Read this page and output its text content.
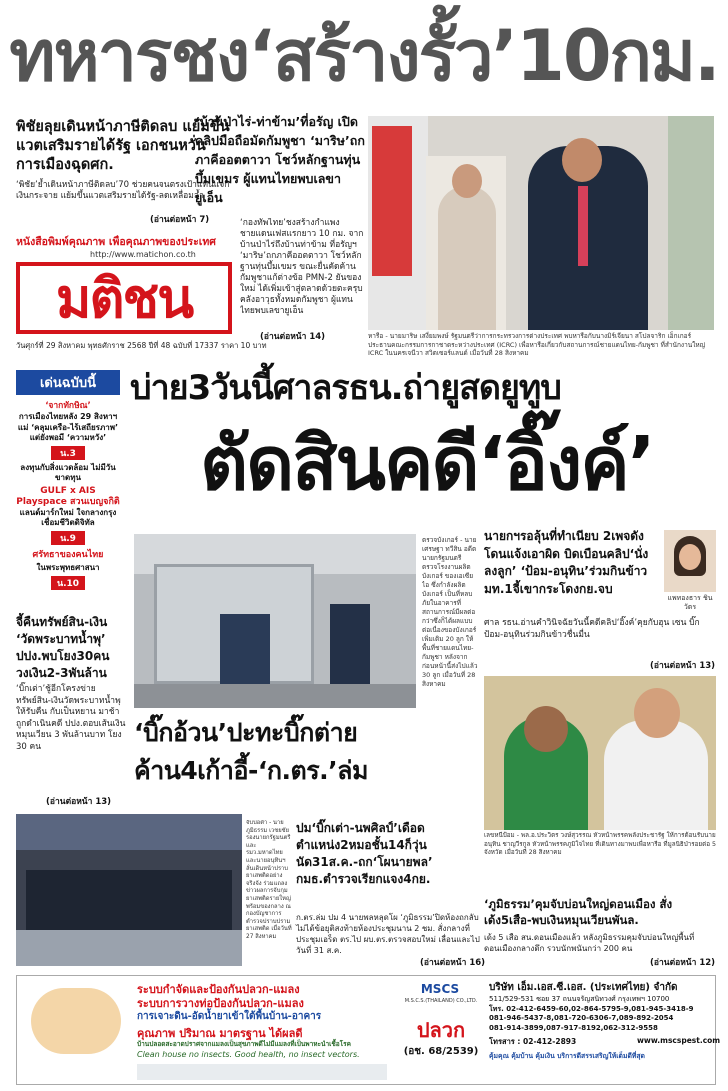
ทหารชง‘สร้างรั้ว’10กม.
พิชัยลุยเดินหน้าภาษีติดลบ แย้มขึ้นแวตเสริมรายได้รัฐ เอกชนหวั่นการเมืองฉุดศก.
‘พิชัย’ย้ำเดินหน้าภาษีติดลบ’70 ช่วยคนจนตรงเป้าแทนแจกเงินกระจาย แย้มขึ้นแวตเสริมรายได้รัฐ-ลดเหลื่อมล้ำ
(อ่านต่อหน้า 7)
หนังสือพิมพ์คุณภาพ เพื่อคุณภาพของประเทศ
http://www.matichon.co.th
มติชน
วันศุกร์ที่ 29 สิงหาคม พุทธศักราช 2568 ปีที่ 48 ฉบับที่ 17337 ราคา 10 บาท
‘บ้านป่าไร่-ท่าข้าม’ที่อรัญ เปิดคลิปมือถือมัดกัมพูชา ‘มาริษ’ถกภาคีออตตาวา โชว์หลักฐานทุ่นบึ้มเขมร ผู้แทนไทยพบเลขายูเอ็น
‘กองทัพไทย’ชงสร้างกำแพงชายแดนเฟสแรกยาว 10 กม. จากบ้านป่าไร่ถึงบ้านท่าข้าม ที่อรัญฯ ‘มาริษ’ถกภาคีออตตาวา โชว์หลักฐานทุ่นบึ้มเขมร ขณะยื่นคัดค้านกัมพูชาแก้ต่างข้อ PMN-2 ยันของใหม่ ได้เพิ่มเข้าสู่ตลาดด้วยตะครุบคลังอาวุธทั้งหมดกัมพูชา ผู้แทนไทยพบเลขายูเอ็น
(อ่านต่อหน้า 14)	หารือ - นายมาริษ เสงี่ยมพงษ์ รัฐมนตรีว่าการกระทรวงการต่างประเทศ พบหารือกับนางมิร์เจียนา สโปลจาริก เอ็กเกอร์ ประธานคณะกรรมการกาชาดระหว่างประเทศ (ICRC) เพื่อหารือเกี่ยวกับสถานการณ์ชายแดนไทย-กัมพูชา ที่สำนักงานใหญ่ ICRC ในนครเจนีวา สวิตเซอร์แลนด์ เมื่อวันที่ 28 สิงหาคม
เด่นฉบับนี้
‘จากทักษิณ’
การเมืองไทยหลัง 29 สิงหาฯ แม่ ‘คลุมเครือ-ไร้เสถียรภาพ’ แต่ยังพอมี ‘ความหวัง’
น.3
ลงทุนกับสิ่งแวดล้อม ไม่มีวันขาดทุน
GULF x AIS Playspace สวนเบญจกิติ
แลนด์มาร์กใหม่ ใจกลางกรุง เชื่อมชีวิตดิจิทัล
น.9
ศรัทธาของคนไทย
ในพระพุทธศาสนา
น.10
บ่าย3วันนี้ศาลรธน.ถ่ายูสดยูทูบ
ตัดสินคดี‘อิ๊งค์’
จี้คืนทรัพย์สิน-เงิน ‘วัดพระบาทน้ำพุ’ ปปง.พบโยง30คน วงเงิน2-3พันล้าน
‘บิ๊กเต่า’ชู้อีกโครงข่ายทรัพย์สิน-เงินวัดพระบาทน้ำพุ ให้รับคืน กับเป็นหยาน มาช้าถูกดำเนินคดี ปปง.ตอบเส้นเงินหมุนเวียน 3 พันล้านบาท โยง 30 คน
(อ่านต่อหน้า 13)
ตรวจบังเกอร์ - นายเศรษฐา ทวีสิน อดีตนายกรัฐมนตรี ตรวจโรงงานผลิตบังเกอร์ ของเอเซียไอ ซึ่งกำลังผลิตบังเกอร์ เป็นที่หลบภัยในอาคารที่สถานการณ์มีผลต่อกว่าซึ่งก็ได้ผลแบบต่อเนื่องของบังเกอร์เพิ่มเติม 20 ลูก ให้พื้นที่ชายแดนไทย-กัมพูชา หลังจากก่อนหน้านี้ส่งไปแล้ว 30 ลูก เมื่อวันที่ 28 สิงหาคม
นายกฯรอลุ้นที่ทำเนียบ 2เพจดังโดนแจ้งเอาผิด บิดเบือนคลิป‘นั่งลงลูก’ ‘ป้อม-อนุทิน’ร่วมกินข้าว มท.1จี้เขากระโดงกย.จบ
แพทองธาร ชินวัตร
ศาล รธน.อ่านคำวินิจฉัยวันนี้คดีคลิป‘อิ๊งค์’คุยกับฮุน เซน บิ๊กป้อม-อนุทินร่วมกินข้าวชื่นมื่น
(อ่านต่อหน้า 13)
‘บิ๊กอ้วน’ปะทะบิ๊กต่าย ค้าน4เก้าอี้-‘ก.ตร.’ล่ม
ปม‘บิ๊กเต่า-นพศิลป์’เดือด ตำแหน่ง2หมอชั้น14ก็วุ่น นัด31ส.ค.-ถก‘โผนายพล’ กมธ.ตำรวจเรียกแจง4กย.
ก.ตร.ล่ม ปม 4 นายพลหลุดโผ ‘ภูมิธรรม’ปิดห้องถกลับไม่ได้ข้อยุติสงท้ายห้องประชุมนาน 2 ชม. สั่งกลางที่ประชุมเอร็ด ตร.ไป ผบ.ตร.ตรวจสอบใหม่ เลื่อนและไปวันที่ 31 ส.ค.
(อ่านต่อหน้า 16)
จับบ่อต่ำ - นายภูมิธรรม เวชยชัย รองนายกรัฐมนตรี และ รมว.มหาดไทย และนายอนุทินฯ ลั่นเดินหน้าปราบยาเสพติดอย่างจริงจัง ร่วมแถลงข่าวผลการจับกุมยาเสพติดรายใหญ่ พร้อมของกลาง ณ กองบัญชาการตำรวจปราบปรามยาเสพติด เมื่อวันที่ 27 สิงหาคม
เลขหนีป้อม - พล.อ.ประวิตร วงษ์สุวรรณ หัวหน้าพรรคพลังประชารัฐ ให้การต้อนรับนายอนุทิน ชาญวีรกูล หัวหน้าพรรคภูมิใจไทย ที่เดินทางมาพบเพื่อหารือ ที่มูลนิธิป่ารอยต่อ 5 จังหวัด เมื่อวันที่ 28 สิงหาคม
‘ภูมิธรรม’คุมจับบ่อนใหญ่ดอนเมือง สั่งเด้ง5เสือ-พบเงินหมุนเวียนพันล.
เด้ง 5 เสือ สน.ดอนเมืองแล้ว หลังภูมิธรรมคุมจับบ่อนใหญ่พื้นที่ดอนเมืองกลางดึก รวบนักพนันกว่า 200 คน
(อ่านต่อหน้า 12)
ระบบกำจัดและป้องกันปลวก-แมลง
ระบบการวางท่อป้องกันปลวก-แมลง
การเจาะดิน-อัดน้ำยาเข้าใต้พื้นบ้าน-อาคาร
คุณภาพ ปริมาณ มาตรฐาน ได้ผลดี
บ้านปลอดสะอาดปราศจากแมลงเป็นสุขภาพดีไม่มีแมลงที่เป็นพาหะนำเชื้อโรค
Clean house no insects. Good health, no insect vectors.
MSCS
M.S.C.S.(THAILAND) CO.,LTD.
ปลวก
(อช. 68/2539)
บริษัท เอ็ม.เอส.ซี.เอส. (ประเทศไทย) จำกัด
511/529-531 ซอย 37 ถนนจรัญสนิทวงศ์ กรุงเทพฯ 10700
โทร. 02-412-6459-60,02-864-5795-9,081-945-3418-9
081-946-5437-8,081-720-6306-7,089-892-2054
081-914-3899,087-917-8192,062-312-9558
โทรสาร : 02-412-2893	www.mscspest.com
คุ้มคุณ คุ้มบ้าน คุ้มเงิน บริการดีสรรเสริญให้เต็มดีที่สุด
